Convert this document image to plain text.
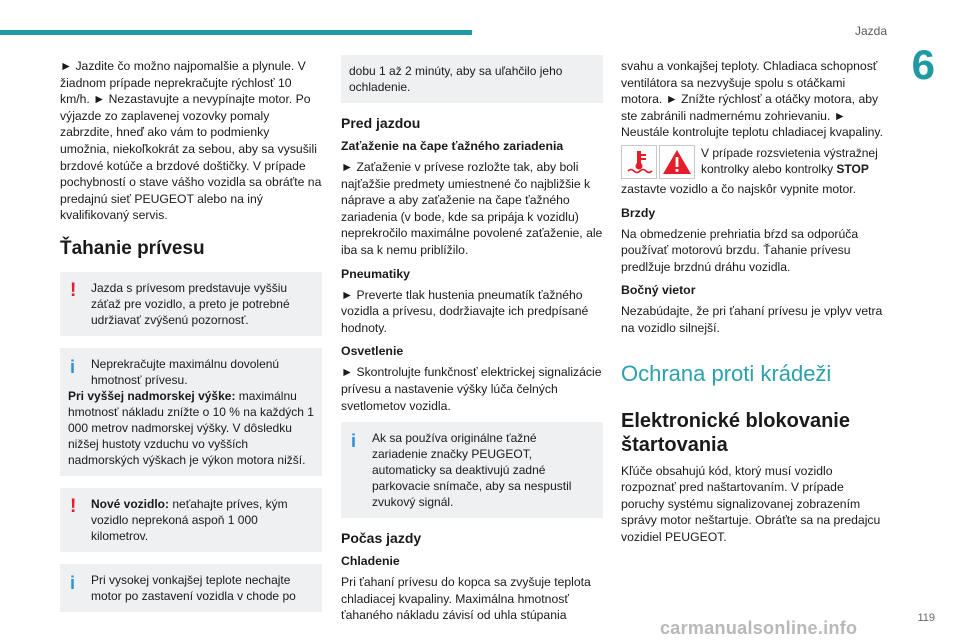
Jazda
6
119
carmanualsonline.info

► Jazdite čo možno najpomalšie a plynule. V žiadnom prípade neprekračujte rýchlosť 10 km/h. ► Nezastavujte a nevypínajte motor. Po výjazde zo zaplavenej vozovky pomaly zabrzdite, hneď ako vám to podmienky umožnia, niekoľkokrát za sebou, aby sa vysušili brzdové kotúče a brzdové doštičky. V prípade pochybností o stave vášho vozidla sa obráťte na predajnú sieť PEUGEOT alebo na iný kvalifikovaný servis.

Ťahanie prívesu
! Jazda s prívesom predstavuje vyššiu záťaž pre vozidlo, a preto je potrebné udržiavať zvýšenú pozornosť.

i Neprekračujte maximálnu dovolenú hmotnosť prívesu.

Pri vyššej nadmorskej výške: maximálnu hmotnosť nákladu znížte o 10 % na každých 1 000 metrov nadmorskej výšky. V dôsledku nižšej hustoty vzduchu vo vyšších nadmorských výškach je výkon motora nižší.

! Nové vozidlo: neťahajte príves, kým vozidlo neprekoná aspoň 1 000 kilometrov.

i Pri vysokej vonkajšej teplote nechajte motor po zastavení vozidla v chode po

dobu 1 až 2 minúty, aby sa uľahčilo jeho ochladenie.

Pred jazdou
Zaťaženie na čape ťažného zariadenia

► Zaťaženie v prívese rozložte tak, aby boli najťažšie predmety umiestnené čo najbližšie k náprave a aby zaťaženie na čape ťažného zariadenia (v bode, kde sa pripája k vozidlu) neprekročilo maximálne povolené zaťaženie, ale iba sa k nemu priblížilo.

Pneumatiky

► Preverte tlak hustenia pneumatík ťažného vozidla a prívesu, dodržiavajte ich predpísané hodnoty.

Osvetlenie

► Skontrolujte funkčnosť elektrickej signalizácie prívesu a nastavenie výšky lúča čelných svetlometov vozidla.

i Ak sa používa originálne ťažné zariadenie značky PEUGEOT, automaticky sa deaktivujú zadné parkovacie snímače, aby sa nespustil zvukový signál.

Počas jazdy
Chladenie

Pri ťahaní prívesu do kopca sa zvyšuje teplota chladiacej kvapaliny. Maximálna hmotnosť ťahaného nákladu závisí od uhla stúpania

svahu a vonkajšej teploty. Chladiaca schopnosť ventilátora sa nezvyšuje spolu s otáčkami motora. ► Znížte rýchlosť a otáčky motora, aby ste zabránili nadmernému zohrievaniu. ► Neustále kontrolujte teplotu chladiacej kvapaliny.

V prípade rozsvietenia výstražnej kontrolky alebo kontrolky STOP

zastavte vozidlo a čo najskôr vypnite motor.

Brzdy

Na obmedzenie prehriatia bŕzd sa odporúča používať motorovú brzdu. Ťahanie prívesu predlžuje brzdnú dráhu vozidla.

Bočný vietor

Nezabúdajte, že pri ťahaní prívesu je vplyv vetra na vozidlo silnejší.

Ochrana proti krádeži
Elektronické blokovanie štartovania

Kľúče obsahujú kód, ktorý musí vozidlo rozpoznať pred naštartovaním. V prípade poruchy systému signalizovanej zobrazením správy motor neštartuje. Obráťte sa na predajcu vozidiel PEUGEOT.
